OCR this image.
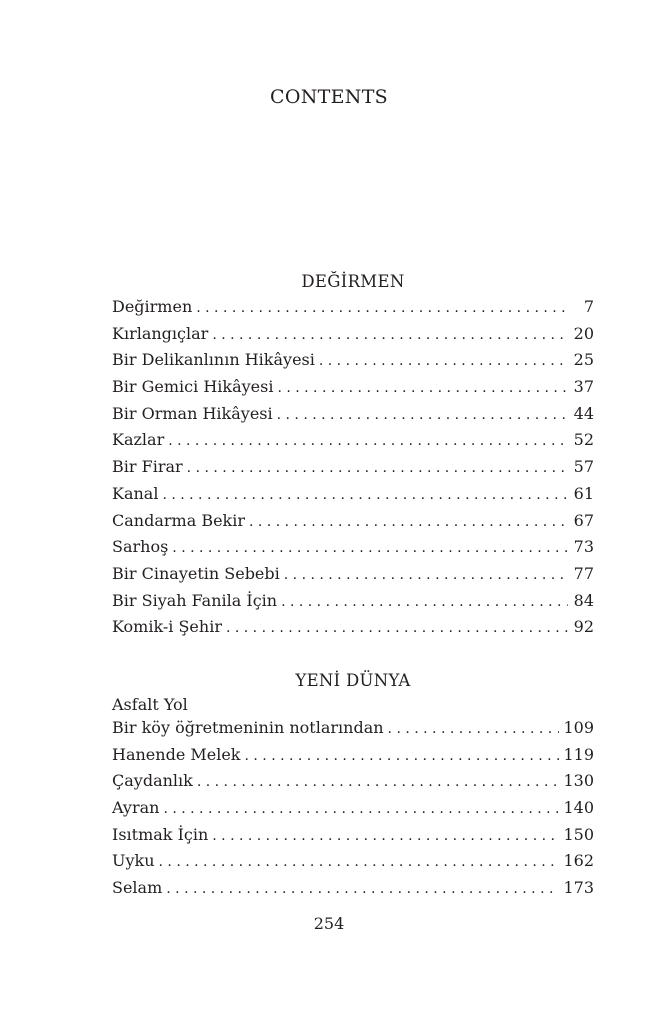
CONTENTS
DEĞİRMEN
Değirmen . . .	7
Kırlangıçlar . . .	20
Bir Delikanlının Hikâyesi . . .	25
Bir Gemici Hikâyesi . . .	37
Bir Orman Hikâyesi . . .	44
Kazlar . . .	52
Bir Firar . . .	57
Kanal . . .	61
Candarma Bekir . . .	67
Sarhoş . . .	73
Bir Cinayetin Sebebi . . .	77
Bir Siyah Fanila İçin . . .	84
Komik-i Şehir . . .	92
YENİ DÜNYA
Asfalt Yol
Bir köy öğretmeninin notlarından . . .	109
Hanende Melek . . .	119
Çaydanlık . . .	130
Ayran . . .	140
Isıtmak İçin . . .	150
Uyku . . .	162
Selam . . .	173
254
